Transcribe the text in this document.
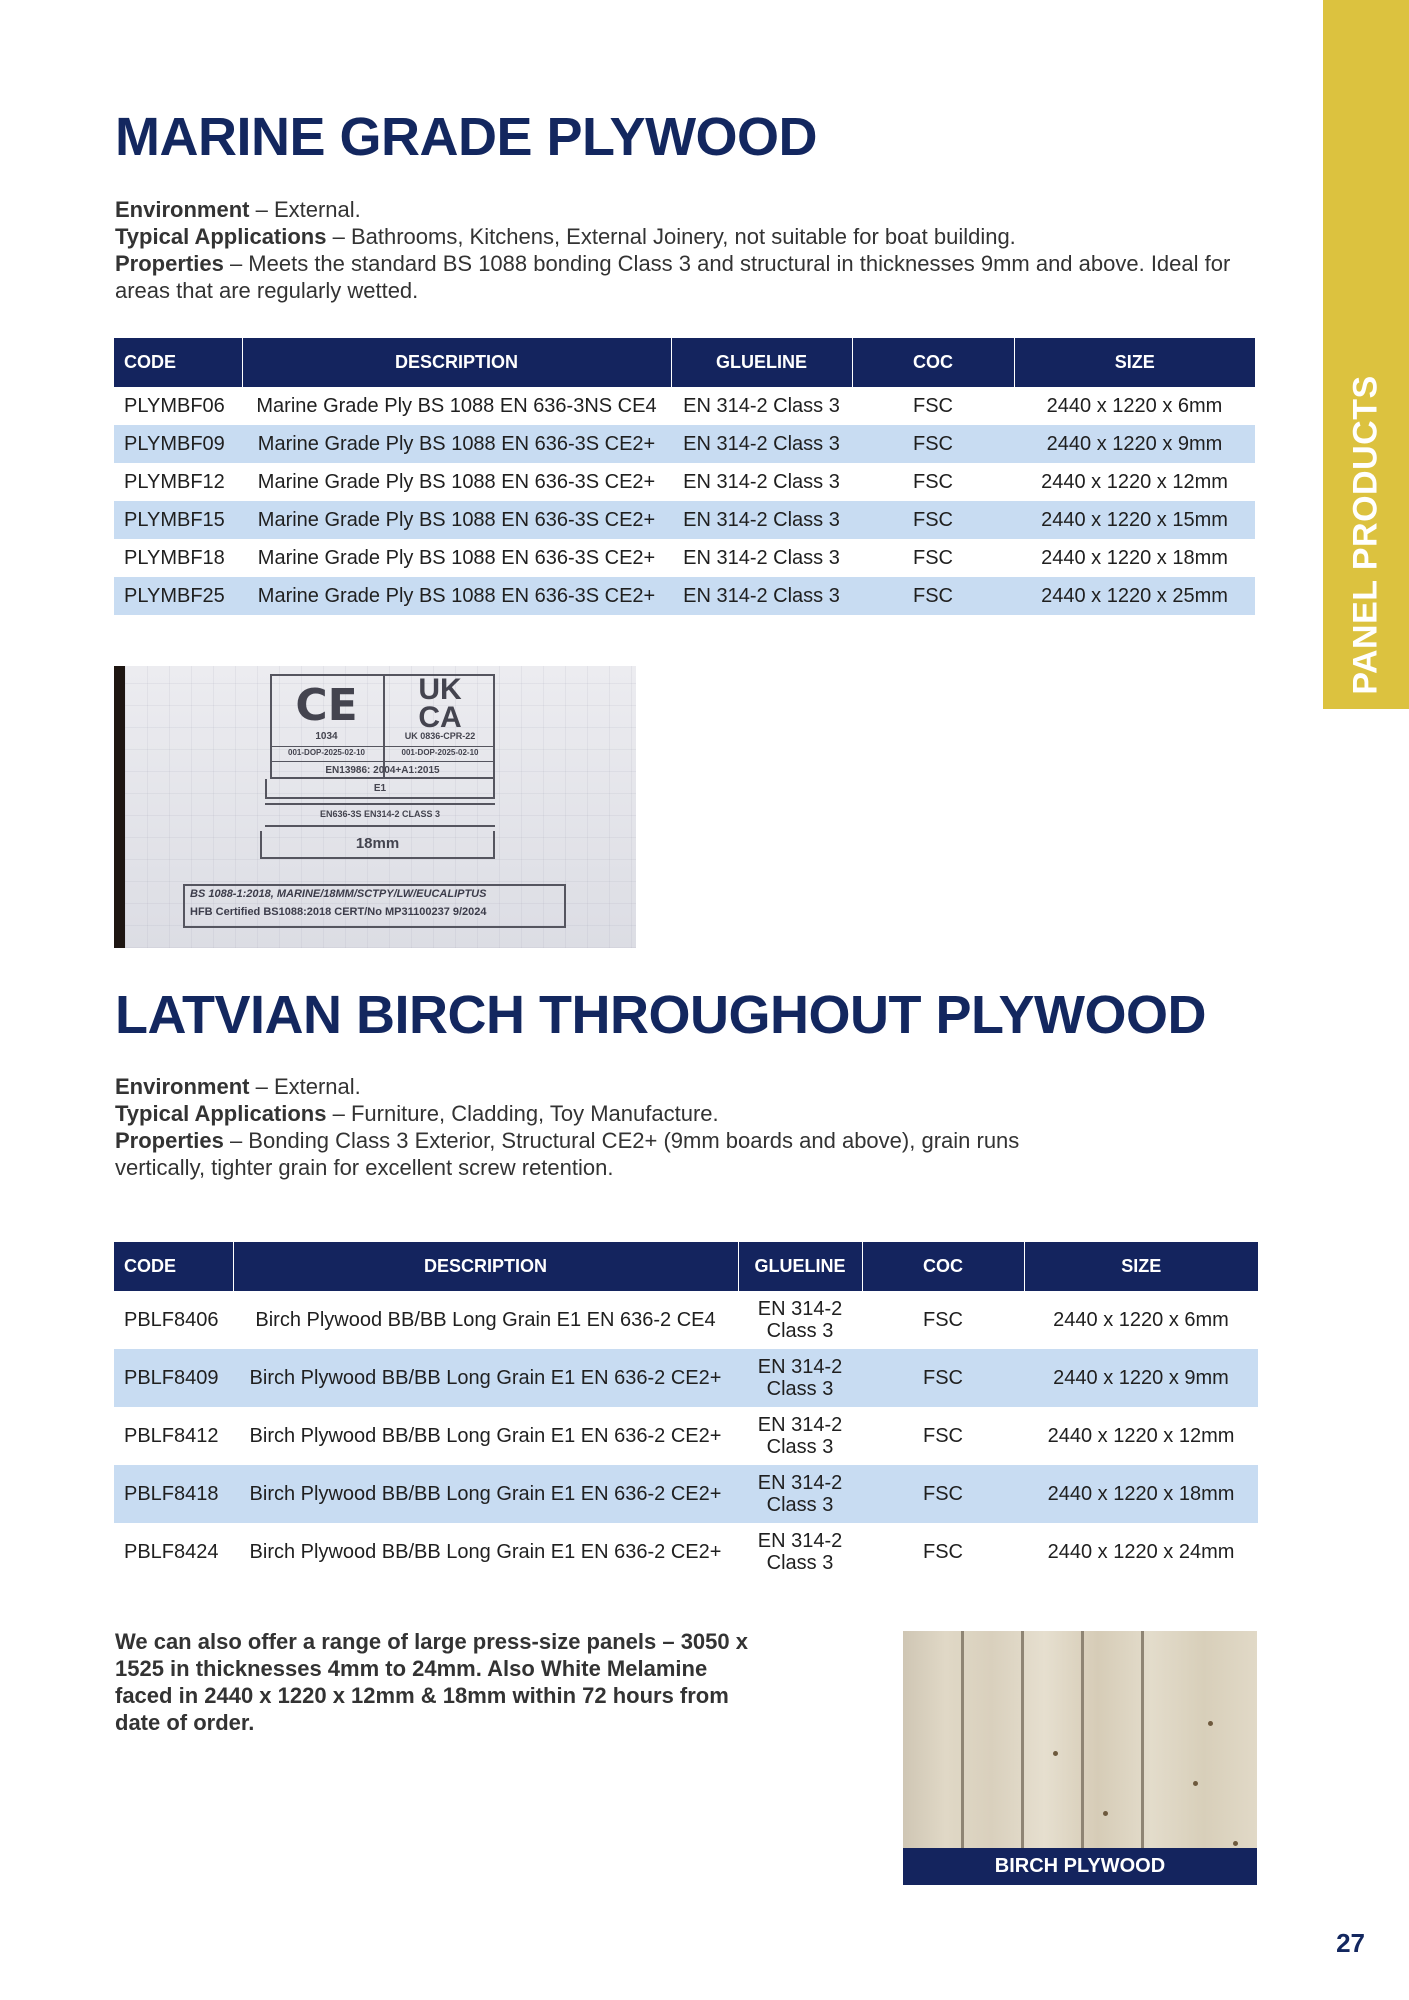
PANEL PRODUCTS
MARINE GRADE PLYWOOD
Environment – External.
Typical Applications – Bathrooms, Kitchens, External Joinery, not suitable for boat building.
Properties – Meets the standard BS 1088 bonding Class 3 and structural in thicknesses 9mm and above. Ideal for areas that are regularly wetted.
CODE	DESCRIPTION	GLUELINE	COC	SIZE
PLYMBF06	Marine Grade Ply BS 1088 EN 636-3NS CE4	EN 314-2 Class 3	FSC	2440 x 1220 x 6mm
PLYMBF09	Marine Grade Ply BS 1088 EN 636-3S CE2+	EN 314-2 Class 3	FSC	2440 x 1220 x 9mm
PLYMBF12	Marine Grade Ply BS 1088 EN 636-3S CE2+	EN 314-2 Class 3	FSC	2440 x 1220 x 12mm
PLYMBF15	Marine Grade Ply BS 1088 EN 636-3S CE2+	EN 314-2 Class 3	FSC	2440 x 1220 x 15mm
PLYMBF18	Marine Grade Ply BS 1088 EN 636-3S CE2+	EN 314-2 Class 3	FSC	2440 x 1220 x 18mm
PLYMBF25	Marine Grade Ply BS 1088 EN 636-3S CE2+	EN 314-2 Class 3	FSC	2440 x 1220 x 25mm
CE	UK
CA
1034	UK 0836-CPR-22
001-DOP-2025-02-10	001-DOP-2025-02-10
EN13986: 2004+A1:2015
E1
EN636-3S EN314-2 CLASS 3
18mm
BS 1088-1:2018, MARINE/18MM/SCTPY/LW/EUCALIPTUS
HFB Certified BS1088:2018 CERT/No MP31100237 9/2024
LATVIAN BIRCH THROUGHOUT PLYWOOD
Environment – External.
Typical Applications – Furniture, Cladding, Toy Manufacture.
Properties – Bonding Class 3 Exterior, Structural CE2+ (9mm boards and above), grain runs vertically, tighter grain for excellent screw retention.
CODE	DESCRIPTION	GLUELINE	COC	SIZE
PBLF8406	Birch Plywood BB/BB Long Grain E1 EN 636-2 CE4	EN 314-2 Class 3	FSC	2440 x 1220 x 6mm
PBLF8409	Birch Plywood BB/BB Long Grain E1 EN 636-2 CE2+	EN 314-2 Class 3	FSC	2440 x 1220 x 9mm
PBLF8412	Birch Plywood BB/BB Long Grain E1 EN 636-2 CE2+	EN 314-2 Class 3	FSC	2440 x 1220 x 12mm
PBLF8418	Birch Plywood BB/BB Long Grain E1 EN 636-2 CE2+	EN 314-2 Class 3	FSC	2440 x 1220 x 18mm
PBLF8424	Birch Plywood BB/BB Long Grain E1 EN 636-2 CE2+	EN 314-2 Class 3	FSC	2440 x 1220 x 24mm
We can also offer a range of large press-size panels – 3050 x 1525 in thicknesses 4mm to 24mm. Also White Melamine faced in 2440 x 1220 x 12mm & 18mm within 72 hours from date of order.
BIRCH PLYWOOD
27
